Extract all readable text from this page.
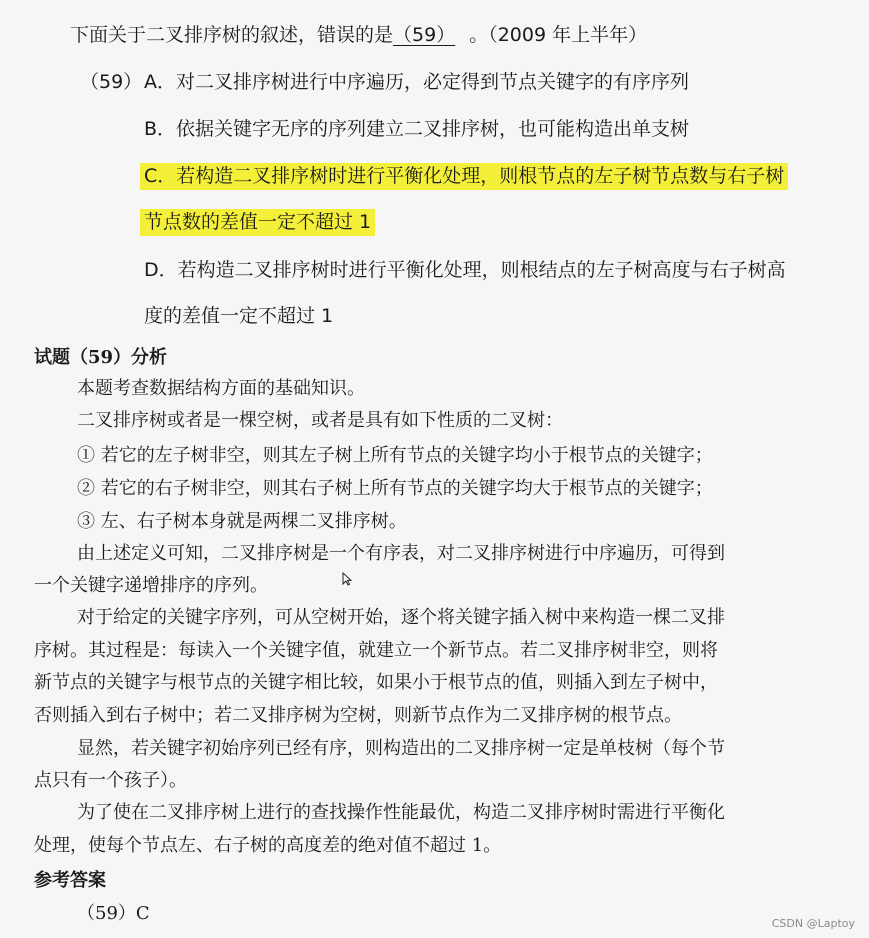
下面关于二叉排序树的叙述，错误的是（59） 。（2009 年上半年）
（59） A．对二叉排序树进行中序遍历，必定得到节点关键字的有序序列
B．依据关键字无序的序列建立二叉排序树，也可能构造出单支树
C．若构造二叉排序树时进行平衡化处理，则根节点的左子树节点数与右子树
节点数的差值一定不超过 1
D．若构造二叉排序树时进行平衡化处理，则根结点的左子树高度与右子树高
度的差值一定不超过 1
试题（59）分析
本题考查数据结构方面的基础知识。
二叉排序树或者是一棵空树，或者是具有如下性质的二叉树：
① 若它的左子树非空，则其左子树上所有节点的关键字均小于根节点的关键字；
② 若它的右子树非空，则其右子树上所有节点的关键字均大于根节点的关键字；
③ 左、右子树本身就是两棵二叉排序树。
由上述定义可知，二叉排序树是一个有序表，对二叉排序树进行中序遍历，可得到
一个关键字递增排序的序列。
对于给定的关键字序列，可从空树开始，逐个将关键字插入树中来构造一棵二叉排
序树。其过程是：每读入一个关键字值，就建立一个新节点。若二叉排序树非空，则将
新节点的关键字与根节点的关键字相比较，如果小于根节点的值，则插入到左子树中，
否则插入到右子树中；若二叉排序树为空树，则新节点作为二叉排序树的根节点。
显然，若关键字初始序列已经有序，则构造出的二叉排序树一定是单枝树（每个节
点只有一个孩子）。
为了使在二叉排序树上进行的查找操作性能最优，构造二叉排序树时需进行平衡化
处理，使每个节点左、右子树的高度差的绝对值不超过 1。
参考答案
（59）C	CSDN @Laptoy
